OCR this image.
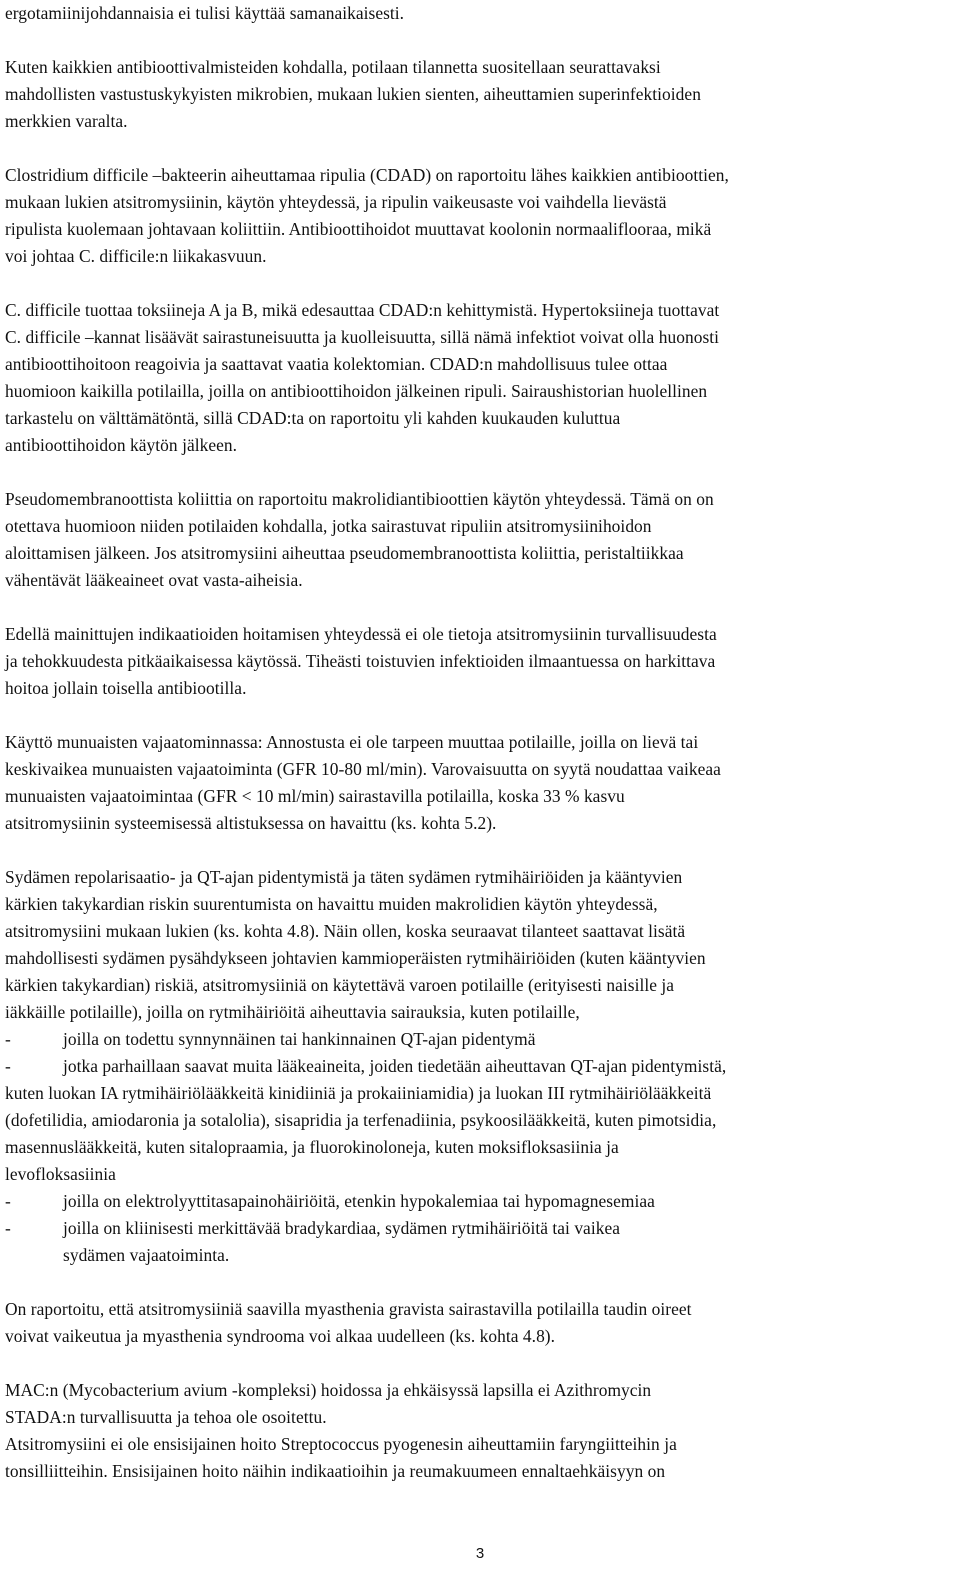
ergotamiinijohdannaisia ei tulisi käyttää samanaikaisesti.
Kuten kaikkien antibioottivalmisteiden kohdalla, potilaan tilannetta suositellaan seurattavaksi
mahdollisten vastustuskykyisten mikrobien, mukaan lukien sienten, aiheuttamien superinfektioiden
merkkien varalta.
Clostridium difficile –bakteerin aiheuttamaa ripulia (CDAD) on raportoitu lähes kaikkien antibioottien,
mukaan lukien atsitromysiinin, käytön yhteydessä, ja ripulin vaikeusaste voi vaihdella lievästä
ripulista kuolemaan johtavaan koliittiin. Antibioottihoidot muuttavat koolonin normaaliflooraa, mikä
voi johtaa C. difficile:n liikakasvuun.
C. difficile tuottaa toksiineja A ja B, mikä edesauttaa CDAD:n kehittymistä. Hypertoksiineja tuottavat
C. difficile –kannat lisäävät sairastuneisuutta ja kuolleisuutta, sillä nämä infektiot voivat olla huonosti
antibioottihoitoon reagoivia ja saattavat vaatia kolektomian. CDAD:n mahdollisuus tulee ottaa
huomioon kaikilla potilailla, joilla on antibioottihoidon jälkeinen ripuli. Sairaushistorian huolellinen
tarkastelu on välttämätöntä, sillä CDAD:ta on raportoitu yli kahden kuukauden kuluttua
antibioottihoidon käytön jälkeen.
Pseudomembranoottista koliittia on raportoitu makrolidiantibioottien käytön yhteydessä. Tämä on on
otettava huomioon niiden potilaiden kohdalla, jotka sairastuvat ripuliin atsitromysiinihoidon
aloittamisen jälkeen. Jos atsitromysiini aiheuttaa pseudomembranoottista koliittia, peristaltiikkaa
vähentävät lääkeaineet ovat vasta-aiheisia.
Edellä mainittujen indikaatioiden hoitamisen yhteydessä ei ole tietoja atsitromysiinin turvallisuudesta
ja tehokkuudesta pitkäaikaisessa käytössä. Tiheästi toistuvien infektioiden ilmaantuessa on harkittava
hoitoa jollain toisella antibiootilla.
Käyttö munuaisten vajaatominnassa: Annostusta ei ole tarpeen muuttaa potilaille, joilla on lievä tai
keskivaikea munuaisten vajaatoiminta (GFR 10-80 ml/min). Varovaisuutta on syytä noudattaa vaikeaa
munuaisten vajaatoimintaa (GFR < 10 ml/min) sairastavilla potilailla, koska 33 % kasvu
atsitromysiinin systeemisessä altistuksessa on havaittu (ks. kohta 5.2).
Sydämen repolarisaatio- ja QT-ajan pidentymistä ja täten sydämen rytmihäiriöiden ja kääntyvien
kärkien takykardian riskin suurentumista on havaittu muiden makrolidien käytön yhteydessä,
atsitromysiini mukaan lukien (ks. kohta 4.8). Näin ollen, koska seuraavat tilanteet saattavat lisätä
mahdollisesti sydämen pysähdykseen johtavien kammioperäisten rytmihäiriöiden (kuten kääntyvien
kärkien takykardian) riskiä, atsitromysiiniä on käytettävä varoen potilaille (erityisesti naisille ja
iäkkäille potilaille), joilla on rytmihäiriöitä aiheuttavia sairauksia, kuten potilaille,
-	joilla on todettu synnynnäinen tai hankinnainen QT-ajan pidentymä
-	jotka parhaillaan saavat muita lääkeaineita, joiden tiedetään aiheuttavan QT-ajan pidentymistä,
kuten luokan IA rytmihäiriölääkkeitä kinidiiniä ja prokaiiniamidia) ja luokan III rytmihäiriölääkkeitä
(dofetilidia, amiodaronia ja sotalolia), sisapridia ja terfenadiinia, psykoosilääkkeitä, kuten pimotsidia,
masennuslääkkeitä, kuten sitalopraamia, ja fluorokinoloneja, kuten moksifloksasiinia ja
levofloksasiinia
-	joilla on elektrolyyttitasapainohäiriöitä, etenkin hypokalemiaa tai hypomagnesemiaa
-	joilla on kliinisesti merkittävää bradykardiaa, sydämen rytmihäiriöitä tai vaikea
sydämen vajaatoiminta.
On raportoitu, että atsitromysiiniä saavilla myasthenia gravista sairastavilla potilailla taudin oireet
voivat vaikeutua ja myasthenia syndrooma voi alkaa uudelleen (ks. kohta 4.8).
MAC:n (Mycobacterium avium -kompleksi) hoidossa ja ehkäisyssä lapsilla ei Azithromycin
STADA:n turvallisuutta ja tehoa ole osoitettu.
Atsitromysiini ei ole ensisijainen hoito Streptococcus pyogenesin aiheuttamiin faryngiitteihin ja
tonsilliitteihin. Ensisijainen hoito näihin indikaatioihin ja reumakuumeen ennaltaehkäisyyn on
3
